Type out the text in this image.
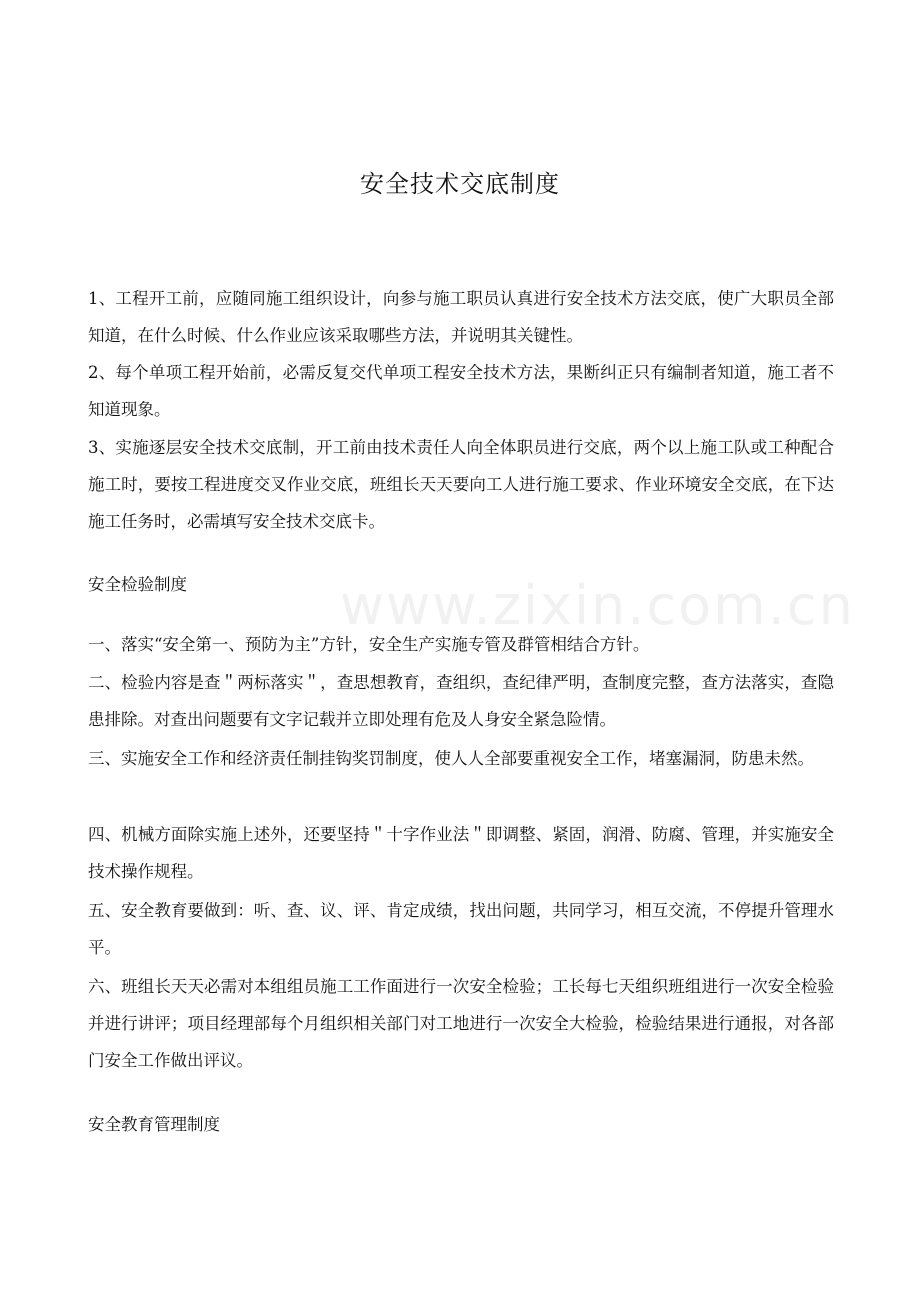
www.zixin.com.cn
安全技术交底制度

1、工程开工前，应随同施工组织设计，向参与施工职员认真进行安全技术方法交底，使广大职员全部知道，在什么时候、什么作业应该采取哪些方法，并说明其关键性。

2、每个单项工程开始前，必需反复交代单项工程安全技术方法，果断纠正只有编制者知道，施工者不知道现象。

3、实施逐层安全技术交底制，开工前由技术责任人向全体职员进行交底，两个以上施工队或工种配合施工时，要按工程进度交叉作业交底，班组长天天要向工人进行施工要求、作业环境安全交底，在下达施工任务时，必需填写安全技术交底卡。

安全检验制度

一、落实“安全第一、预防为主”方针，安全生产实施专管及群管相结合方针。

二、检验内容是查＂两标落实＂，查思想教育，查组织，查纪律严明，查制度完整，查方法落实，查隐患排除。对查出问题要有文字记载并立即处理有危及人身安全紧急险情。

三、实施安全工作和经济责任制挂钩奖罚制度，使人人全部要重视安全工作，堵塞漏洞，防患未然。

四、机械方面除实施上述外，还要坚持＂十字作业法＂即调整、紧固，润滑、防腐、管理，并实施安全技术操作规程。

五、安全教育要做到：听、查、议、评、肯定成绩，找出问题，共同学习，相互交流，不停提升管理水平。

六、班组长天天必需对本组组员施工工作面进行一次安全检验；工长每七天组织班组进行一次安全检验并进行讲评；项目经理部每个月组织相关部门对工地进行一次安全大检验，检验结果进行通报，对各部门安全工作做出评议。

安全教育管理制度
